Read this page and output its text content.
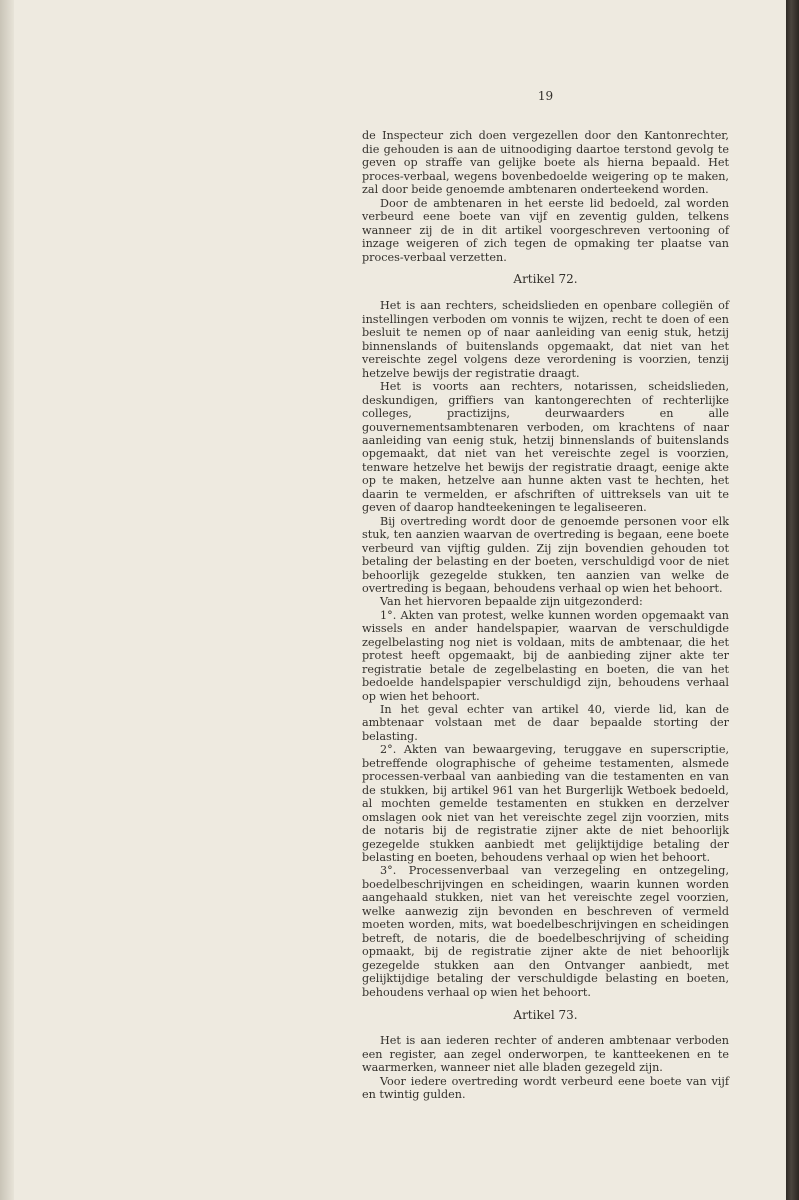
19

de Inspecteur zich doen vergezellen door den Kantonrechter, die gehouden is aan de uitnoodiging daartoe terstond gevolg te geven op straffe van gelijke boete als hierna bepaald. Het proces-verbaal, wegens bovenbedoelde weigering op te maken, zal door beide genoemde ambtenaren onderteekend worden.

Door de ambtenaren in het eerste lid bedoeld, zal worden verbeurd eene boete van vijf en zeventig gulden, telkens wanneer zij de in dit artikel voorgeschreven vertooning of inzage weigeren of zich tegen de opmaking ter plaatse van proces-verbaal verzetten.

Artikel 72.

Het is aan rechters, scheidslieden en openbare collegiën of instellingen verboden om vonnis te wijzen, recht te doen of een besluit te nemen op of naar aanleiding van eenig stuk, hetzij binnenslands of buitenslands opgemaakt, dat niet van het vereischte zegel volgens deze verordening is voorzien, tenzij hetzelve bewijs der registratie draagt.

Het is voorts aan rechters, notarissen, scheidslieden, deskundigen, griffiers van kantongerechten of rechterlijke colleges, practizijns, deurwaarders en alle gouvernementsambtenaren verboden, om krachtens of naar aanleiding van eenig stuk, hetzij binnenslands of buitenslands opgemaakt, dat niet van het vereischte zegel is voorzien, tenware hetzelve het bewijs der registratie draagt, eenige akte op te maken, hetzelve aan hunne akten vast te hechten, het daarin te vermelden, er afschriften of uittreksels van uit te geven of daarop handteekeningen te legaliseeren.

Bij overtreding wordt door de genoemde personen voor elk stuk, ten aanzien waarvan de overtreding is begaan, eene boete verbeurd van vijftig gulden. Zij zijn bovendien gehouden tot betaling der belasting en der boeten, verschuldigd voor de niet behoorlijk gezegelde stukken, ten aanzien van welke de overtreding is begaan, behoudens verhaal op wien het behoort.

Van het hiervoren bepaalde zijn uitgezonderd:

1°. Akten van protest, welke kunnen worden opgemaakt van wissels en ander handelspapier, waarvan de verschuldigde zegelbelasting nog niet is voldaan, mits de ambtenaar, die het protest heeft opgemaakt, bij de aanbieding zijner akte ter registratie betale de zegelbelasting en boeten, die van het bedoelde handelspapier verschuldigd zijn, behoudens verhaal op wien het behoort.

In het geval echter van artikel 40, vierde lid, kan de ambtenaar volstaan met de daar bepaalde storting der belasting.

2°. Akten van bewaargeving, teruggave en superscriptie, betreffende olographische of geheime testamenten, alsmede processen-verbaal van aanbieding van die testamenten en van de stukken, bij artikel 961 van het Burgerlijk Wetboek bedoeld, al mochten gemelde testamenten en stukken en derzelver omslagen ook niet van het vereischte zegel zijn voorzien, mits de notaris bij de registratie zijner akte de niet behoorlijk gezegelde stukken aanbiedt met gelijktijdige betaling der belasting en boeten, behoudens verhaal op wien het behoort.

3°. Processenverbaal van verzegeling en ontzegeling, boedelbeschrijvingen en scheidingen, waarin kunnen worden aangehaald stukken, niet van het vereischte zegel voorzien, welke aanwezig zijn bevonden en beschreven of vermeld moeten worden, mits, wat boedelbeschrijvingen en scheidingen betreft, de notaris, die de boedelbeschrijving of scheiding opmaakt, bij de registratie zijner akte de niet behoorlijk gezegelde stukken aan den Ontvanger aanbiedt, met gelijktijdige betaling der verschuldigde belasting en boeten, behoudens verhaal op wien het behoort.

Artikel 73.

Het is aan iederen rechter of anderen ambtenaar verboden een register, aan zegel onderworpen, te kantteekenen en te waarmerken, wanneer niet alle bladen gezegeld zijn.

Voor iedere overtreding wordt verbeurd eene boete van vijf en twintig gulden.
